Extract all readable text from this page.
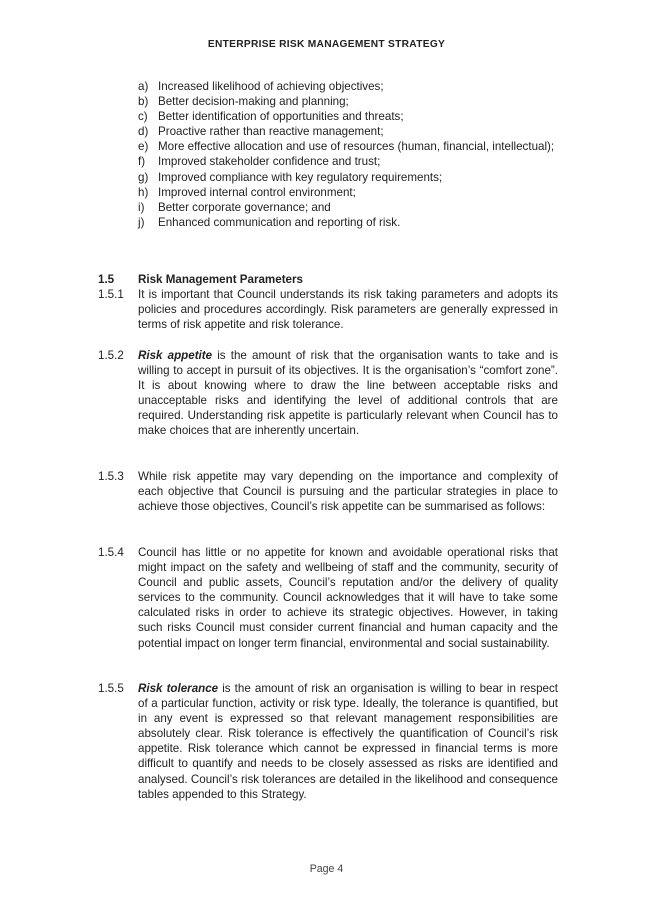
ENTERPRISE RISK MANAGEMENT STRATEGY
a) Increased likelihood of achieving objectives;
b) Better decision-making and planning;
c) Better identification of opportunities and threats;
d) Proactive rather than reactive management;
e) More effective allocation and use of resources (human, financial, intellectual);
f) Improved stakeholder confidence and trust;
g) Improved compliance with key regulatory requirements;
h) Improved internal control environment;
i) Better corporate governance; and
j) Enhanced communication and reporting of risk.
1.5 Risk Management Parameters
1.5.1 It is important that Council understands its risk taking parameters and adopts its policies and procedures accordingly. Risk parameters are generally expressed in terms of risk appetite and risk tolerance.
1.5.2 Risk appetite is the amount of risk that the organisation wants to take and is willing to accept in pursuit of its objectives. It is the organisation’s “comfort zone”. It is about knowing where to draw the line between acceptable risks and unacceptable risks and identifying the level of additional controls that are required. Understanding risk appetite is particularly relevant when Council has to make choices that are inherently uncertain.
1.5.3 While risk appetite may vary depending on the importance and complexity of each objective that Council is pursuing and the particular strategies in place to achieve those objectives, Council’s risk appetite can be summarised as follows:
1.5.4 Council has little or no appetite for known and avoidable operational risks that might impact on the safety and wellbeing of staff and the community, security of Council and public assets, Council’s reputation and/or the delivery of quality services to the community. Council acknowledges that it will have to take some calculated risks in order to achieve its strategic objectives. However, in taking such risks Council must consider current financial and human capacity and the potential impact on longer term financial, environmental and social sustainability.
1.5.5 Risk tolerance is the amount of risk an organisation is willing to bear in respect of a particular function, activity or risk type. Ideally, the tolerance is quantified, but in any event is expressed so that relevant management responsibilities are absolutely clear. Risk tolerance is effectively the quantification of Council’s risk appetite. Risk tolerance which cannot be expressed in financial terms is more difficult to quantify and needs to be closely assessed as risks are identified and analysed. Council’s risk tolerances are detailed in the likelihood and consequence tables appended to this Strategy.
Page 4
